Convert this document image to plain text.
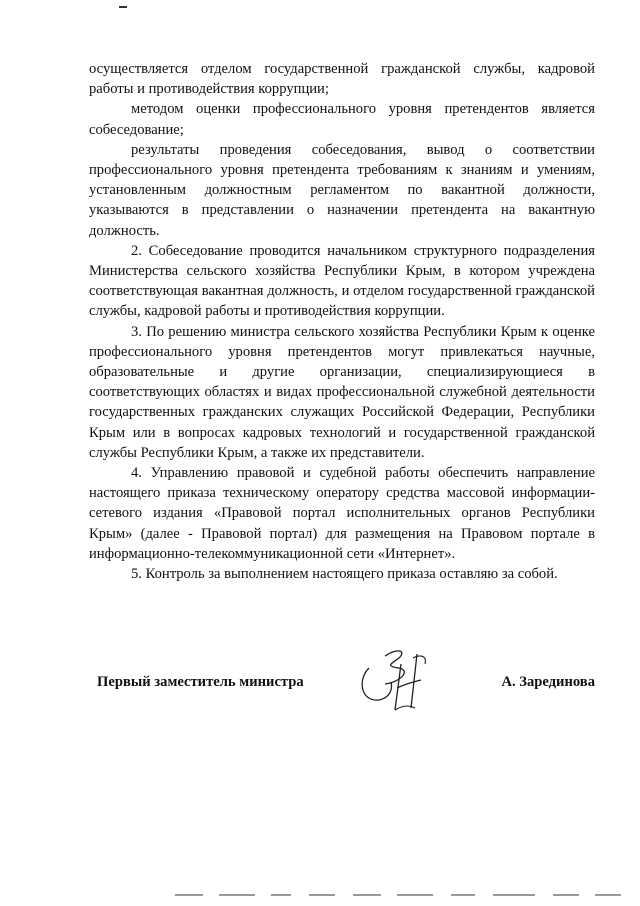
осуществляется отделом государственной гражданской службы, кадровой работы и противодействия коррупции;

методом оценки профессионального уровня претендентов является собеседование;

результаты проведения собеседования, вывод о соответствии профессионального уровня претендента требованиям к знаниям и умениям, установленным должностным регламентом по вакантной должности, указываются в представлении о назначении претендента на вакантную должность.

2. Собеседование проводится начальником структурного подразделения Министерства сельского хозяйства Республики Крым, в котором учреждена соответствующая вакантная должность, и отделом государственной гражданской службы, кадровой работы и противодействия коррупции.

3. По решению министра сельского хозяйства Республики Крым к оценке профессионального уровня претендентов могут привлекаться научные, образовательные и другие организации, специализирующиеся в соответствующих областях и видах профессиональной служебной деятельности государственных гражданских служащих Российской Федерации, Республики Крым или в вопросах кадровых технологий и государственной гражданской службы Республики Крым, а также их представители.

4. Управлению правовой и судебной работы обеспечить направление настоящего приказа техническому оператору средства массовой информации-сетевого издания «Правовой портал исполнительных органов Республики Крым» (далее - Правовой портал) для размещения на Правовом портале в информационно-телекоммуникационной сети «Интернет».

5. Контроль за выполнением настоящего приказа оставляю за собой.

Первый заместитель министра	А. Зарединова
